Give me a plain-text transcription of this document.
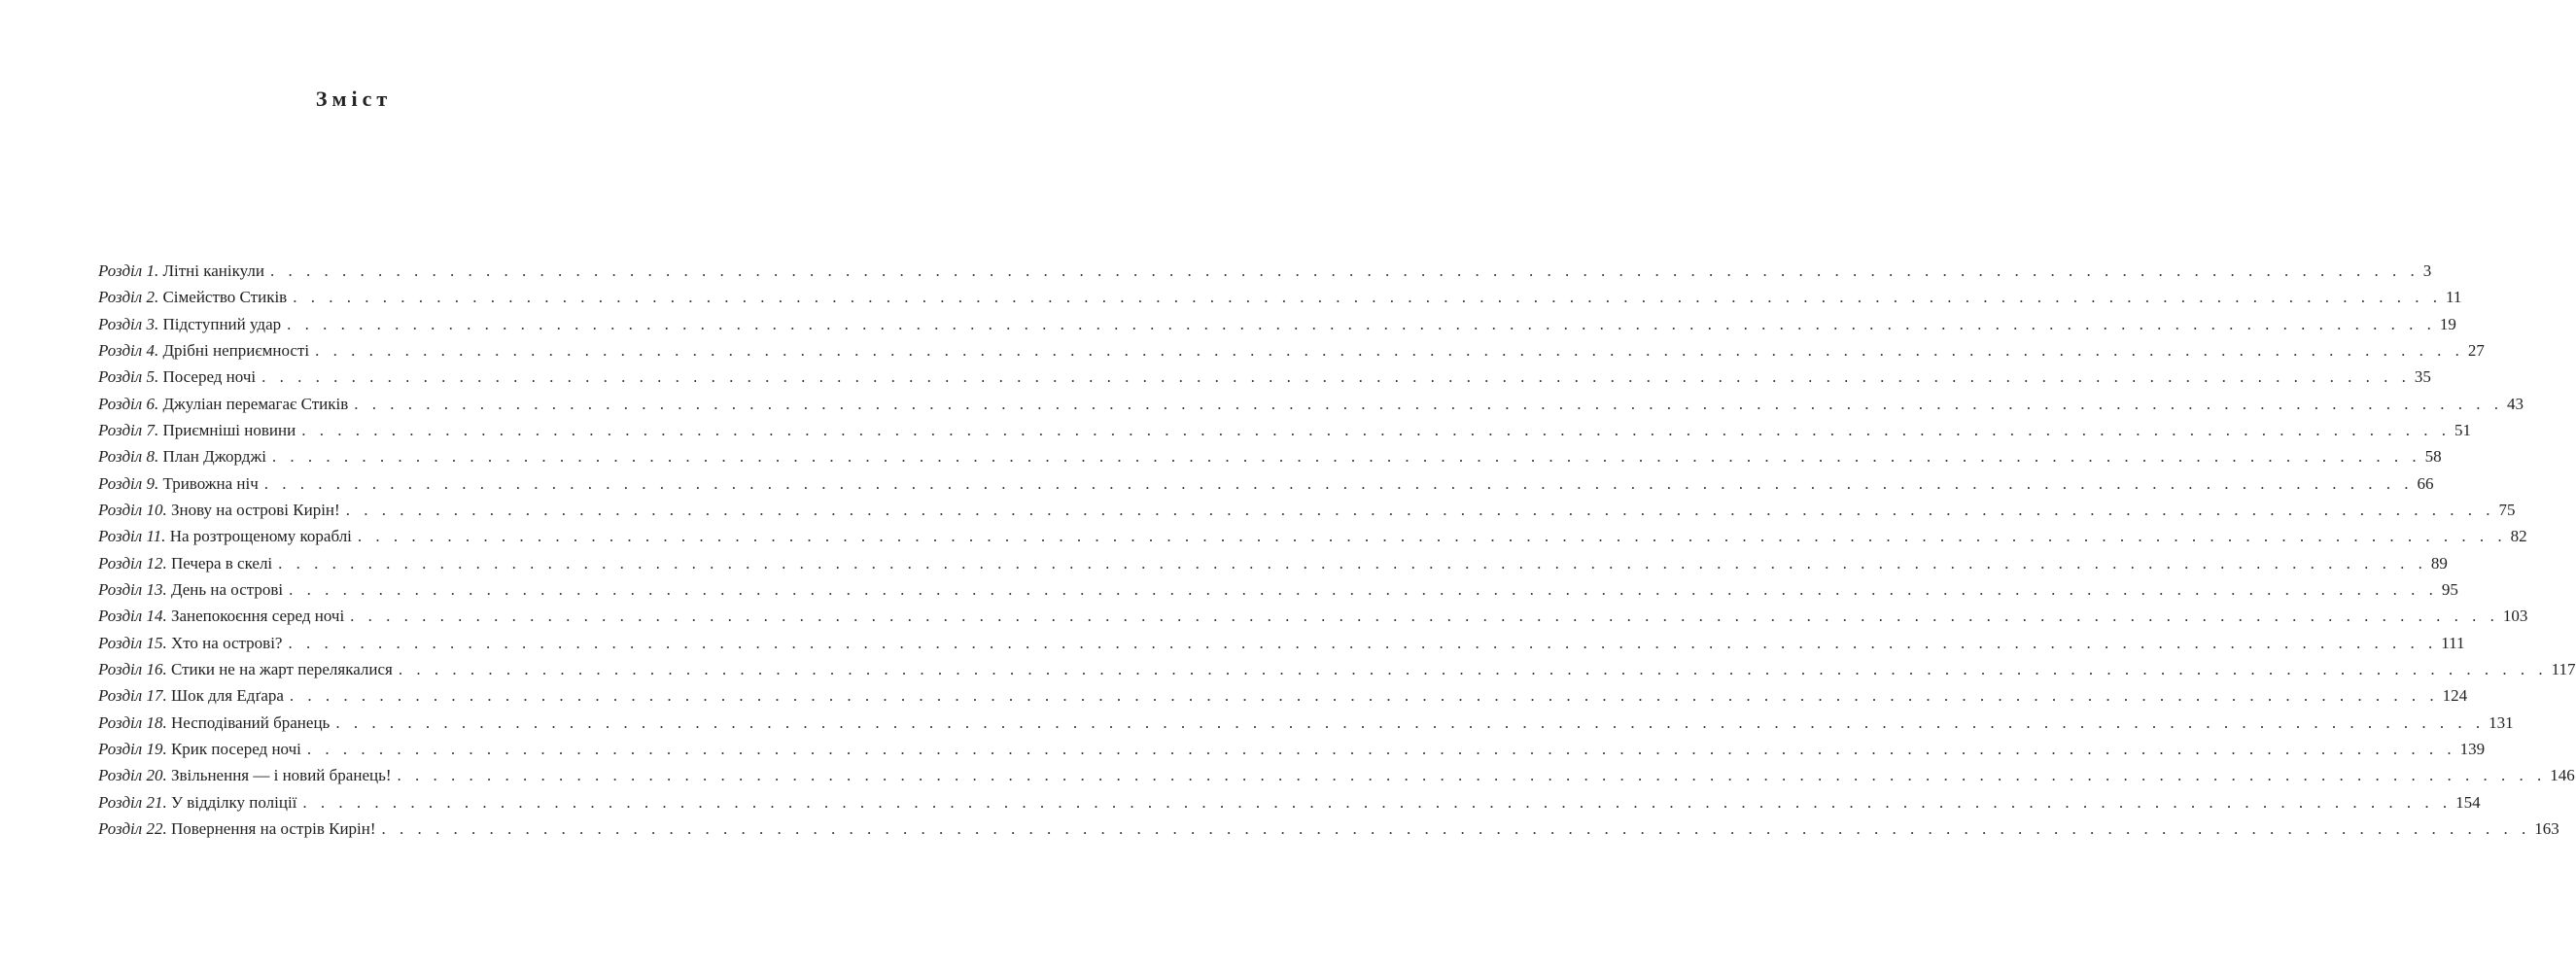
Зміст
Розділ 1.
Літні канікули . . . . . . . . . . . . . . . . . . . . . . . . . . . . . . . . . . . . . . . . . . . . . . . . . . . . . . . . . . . . . . . . . . . . . . . . . . . . . . . . . . . . . . . . . . . . . . . . . . . . . . . . . . . . . . . . . . . . . . . . 3
Розділ 2.
Сімейство Стиків . . . . . . . . . . . . . . . . . . . . . . . . . . . . . . . . . . . . . . . . . . . . . . . . . . . . . . . . . . . . . . . . . . . . . . . . . . . . . . . . . . . . . . . . . . . . . . . . . . . . . . . . . . . . . . . . . . . . . . . . 11
Розділ 3.
Підступний удар . . . . . . . . . . . . . . . . . . . . . . . . . . . . . . . . . . . . . . . . . . . . . . . . . . . . . . . . . . . . . . . . . . . . . . . . . . . . . . . . . . . . . . . . . . . . . . . . . . . . . . . . . . . . . . . . . . . . . . . . 19
Розділ 4.
Дрібні неприємності . . . . . . . . . . . . . . . . . . . . . . . . . . . . . . . . . . . . . . . . . . . . . . . . . . . . . . . . . . . . . . . . . . . . . . . . . . . . . . . . . . . . . . . . . . . . . . . . . . . . . . . . . . . . . . . . . . . . . . . . 27
Розділ 5.
Посеред ночі . . . . . . . . . . . . . . . . . . . . . . . . . . . . . . . . . . . . . . . . . . . . . . . . . . . . . . . . . . . . . . . . . . . . . . . . . . . . . . . . . . . . . . . . . . . . . . . . . . . . . . . . . . . . . . . . . . . . . . . . 35
Розділ 6.
Джуліан перемагає Стиків . . . . . . . . . . . . . . . . . . . . . . . . . . . . . . . . . . . . . . . . . . . . . . . . . . . . . . . . . . . . . . . . . . . . . . . . . . . . . . . . . . . . . . . . . . . . . . . . . . . . . . . . . . . . . . . . . . . . . . . . 43
Розділ 7.
Приємніші новини . . . . . . . . . . . . . . . . . . . . . . . . . . . . . . . . . . . . . . . . . . . . . . . . . . . . . . . . . . . . . . . . . . . . . . . . . . . . . . . . . . . . . . . . . . . . . . . . . . . . . . . . . . . . . . . . . . . . . . . . 51
Розділ 8.
План Джорджі . . . . . . . . . . . . . . . . . . . . . . . . . . . . . . . . . . . . . . . . . . . . . . . . . . . . . . . . . . . . . . . . . . . . . . . . . . . . . . . . . . . . . . . . . . . . . . . . . . . . . . . . . . . . . . . . . . . . . . . . 58
Розділ 9.
Тривожна ніч . . . . . . . . . . . . . . . . . . . . . . . . . . . . . . . . . . . . . . . . . . . . . . . . . . . . . . . . . . . . . . . . . . . . . . . . . . . . . . . . . . . . . . . . . . . . . . . . . . . . . . . . . . . . . . . . . . . . . . . . 66
Розділ 10.
Знову на острові Кирін! . . . . . . . . . . . . . . . . . . . . . . . . . . . . . . . . . . . . . . . . . . . . . . . . . . . . . . . . . . . . . . . . . . . . . . . . . . . . . . . . . . . . . . . . . . . . . . . . . . . . . . . . . . . . . . . . . . . . . . . . 75
Розділ 11.
На розтрощеному кораблі . . . . . . . . . . . . . . . . . . . . . . . . . . . . . . . . . . . . . . . . . . . . . . . . . . . . . . . . . . . . . . . . . . . . . . . . . . . . . . . . . . . . . . . . . . . . . . . . . . . . . . . . . . . . . . . . . . . . . . . . 82
Розділ 12.
Печера в скелі . . . . . . . . . . . . . . . . . . . . . . . . . . . . . . . . . . . . . . . . . . . . . . . . . . . . . . . . . . . . . . . . . . . . . . . . . . . . . . . . . . . . . . . . . . . . . . . . . . . . . . . . . . . . . . . . . . . . . . . . 89
Розділ 13.
День на острові . . . . . . . . . . . . . . . . . . . . . . . . . . . . . . . . . . . . . . . . . . . . . . . . . . . . . . . . . . . . . . . . . . . . . . . . . . . . . . . . . . . . . . . . . . . . . . . . . . . . . . . . . . . . . . . . . . . . . . . . 95
Розділ 14.
Занепокоєння серед ночі . . . . . . . . . . . . . . . . . . . . . . . . . . . . . . . . . . . . . . . . . . . . . . . . . . . . . . . . . . . . . . . . . . . . . . . . . . . . . . . . . . . . . . . . . . . . . . . . . . . . . . . . . . . . . . . . . . . . . . . . 103
Розділ 15.
Хто на острові? . . . . . . . . . . . . . . . . . . . . . . . . . . . . . . . . . . . . . . . . . . . . . . . . . . . . . . . . . . . . . . . . . . . . . . . . . . . . . . . . . . . . . . . . . . . . . . . . . . . . . . . . . . . . . . . . . . . . . . . . 111
Розділ 16.
Стики не на жарт перелякалися . . . . . . . . . . . . . . . . . . . . . . . . . . . . . . . . . . . . . . . . . . . . . . . . . . . . . . . . . . . . . . . . . . . . . . . . . . . . . . . . . . . . . . . . . . . . . . . . . . . . . . . . . . . . . . . . . . . . . . . . 117
Розділ 17.
Шок для Едґара . . . . . . . . . . . . . . . . . . . . . . . . . . . . . . . . . . . . . . . . . . . . . . . . . . . . . . . . . . . . . . . . . . . . . . . . . . . . . . . . . . . . . . . . . . . . . . . . . . . . . . . . . . . . . . . . . . . . . . . . 124
Розділ 18.
Несподіваний бранець . . . . . . . . . . . . . . . . . . . . . . . . . . . . . . . . . . . . . . . . . . . . . . . . . . . . . . . . . . . . . . . . . . . . . . . . . . . . . . . . . . . . . . . . . . . . . . . . . . . . . . . . . . . . . . . . . . . . . . . . 131
Розділ 19.
Крик посеред ночі . . . . . . . . . . . . . . . . . . . . . . . . . . . . . . . . . . . . . . . . . . . . . . . . . . . . . . . . . . . . . . . . . . . . . . . . . . . . . . . . . . . . . . . . . . . . . . . . . . . . . . . . . . . . . . . . . . . . . . . . 139
Розділ 20.
Звільнення — і новий бранець! . . . . . . . . . . . . . . . . . . . . . . . . . . . . . . . . . . . . . . . . . . . . . . . . . . . . . . . . . . . . . . . . . . . . . . . . . . . . . . . . . . . . . . . . . . . . . . . . . . . . . . . . . . . . . . . . . . . . . . . . 146
Розділ 21.
У відділку поліції . . . . . . . . . . . . . . . . . . . . . . . . . . . . . . . . . . . . . . . . . . . . . . . . . . . . . . . . . . . . . . . . . . . . . . . . . . . . . . . . . . . . . . . . . . . . . . . . . . . . . . . . . . . . . . . . . . . . . . . . 154
Розділ 22.
Повернення на острів Кирін! . . . . . . . . . . . . . . . . . . . . . . . . . . . . . . . . . . . . . . . . . . . . . . . . . . . . . . . . . . . . . . . . . . . . . . . . . . . . . . . . . . . . . . . . . . . . . . . . . . . . . . . . . . . . . . . . . . . . . . . . 163
